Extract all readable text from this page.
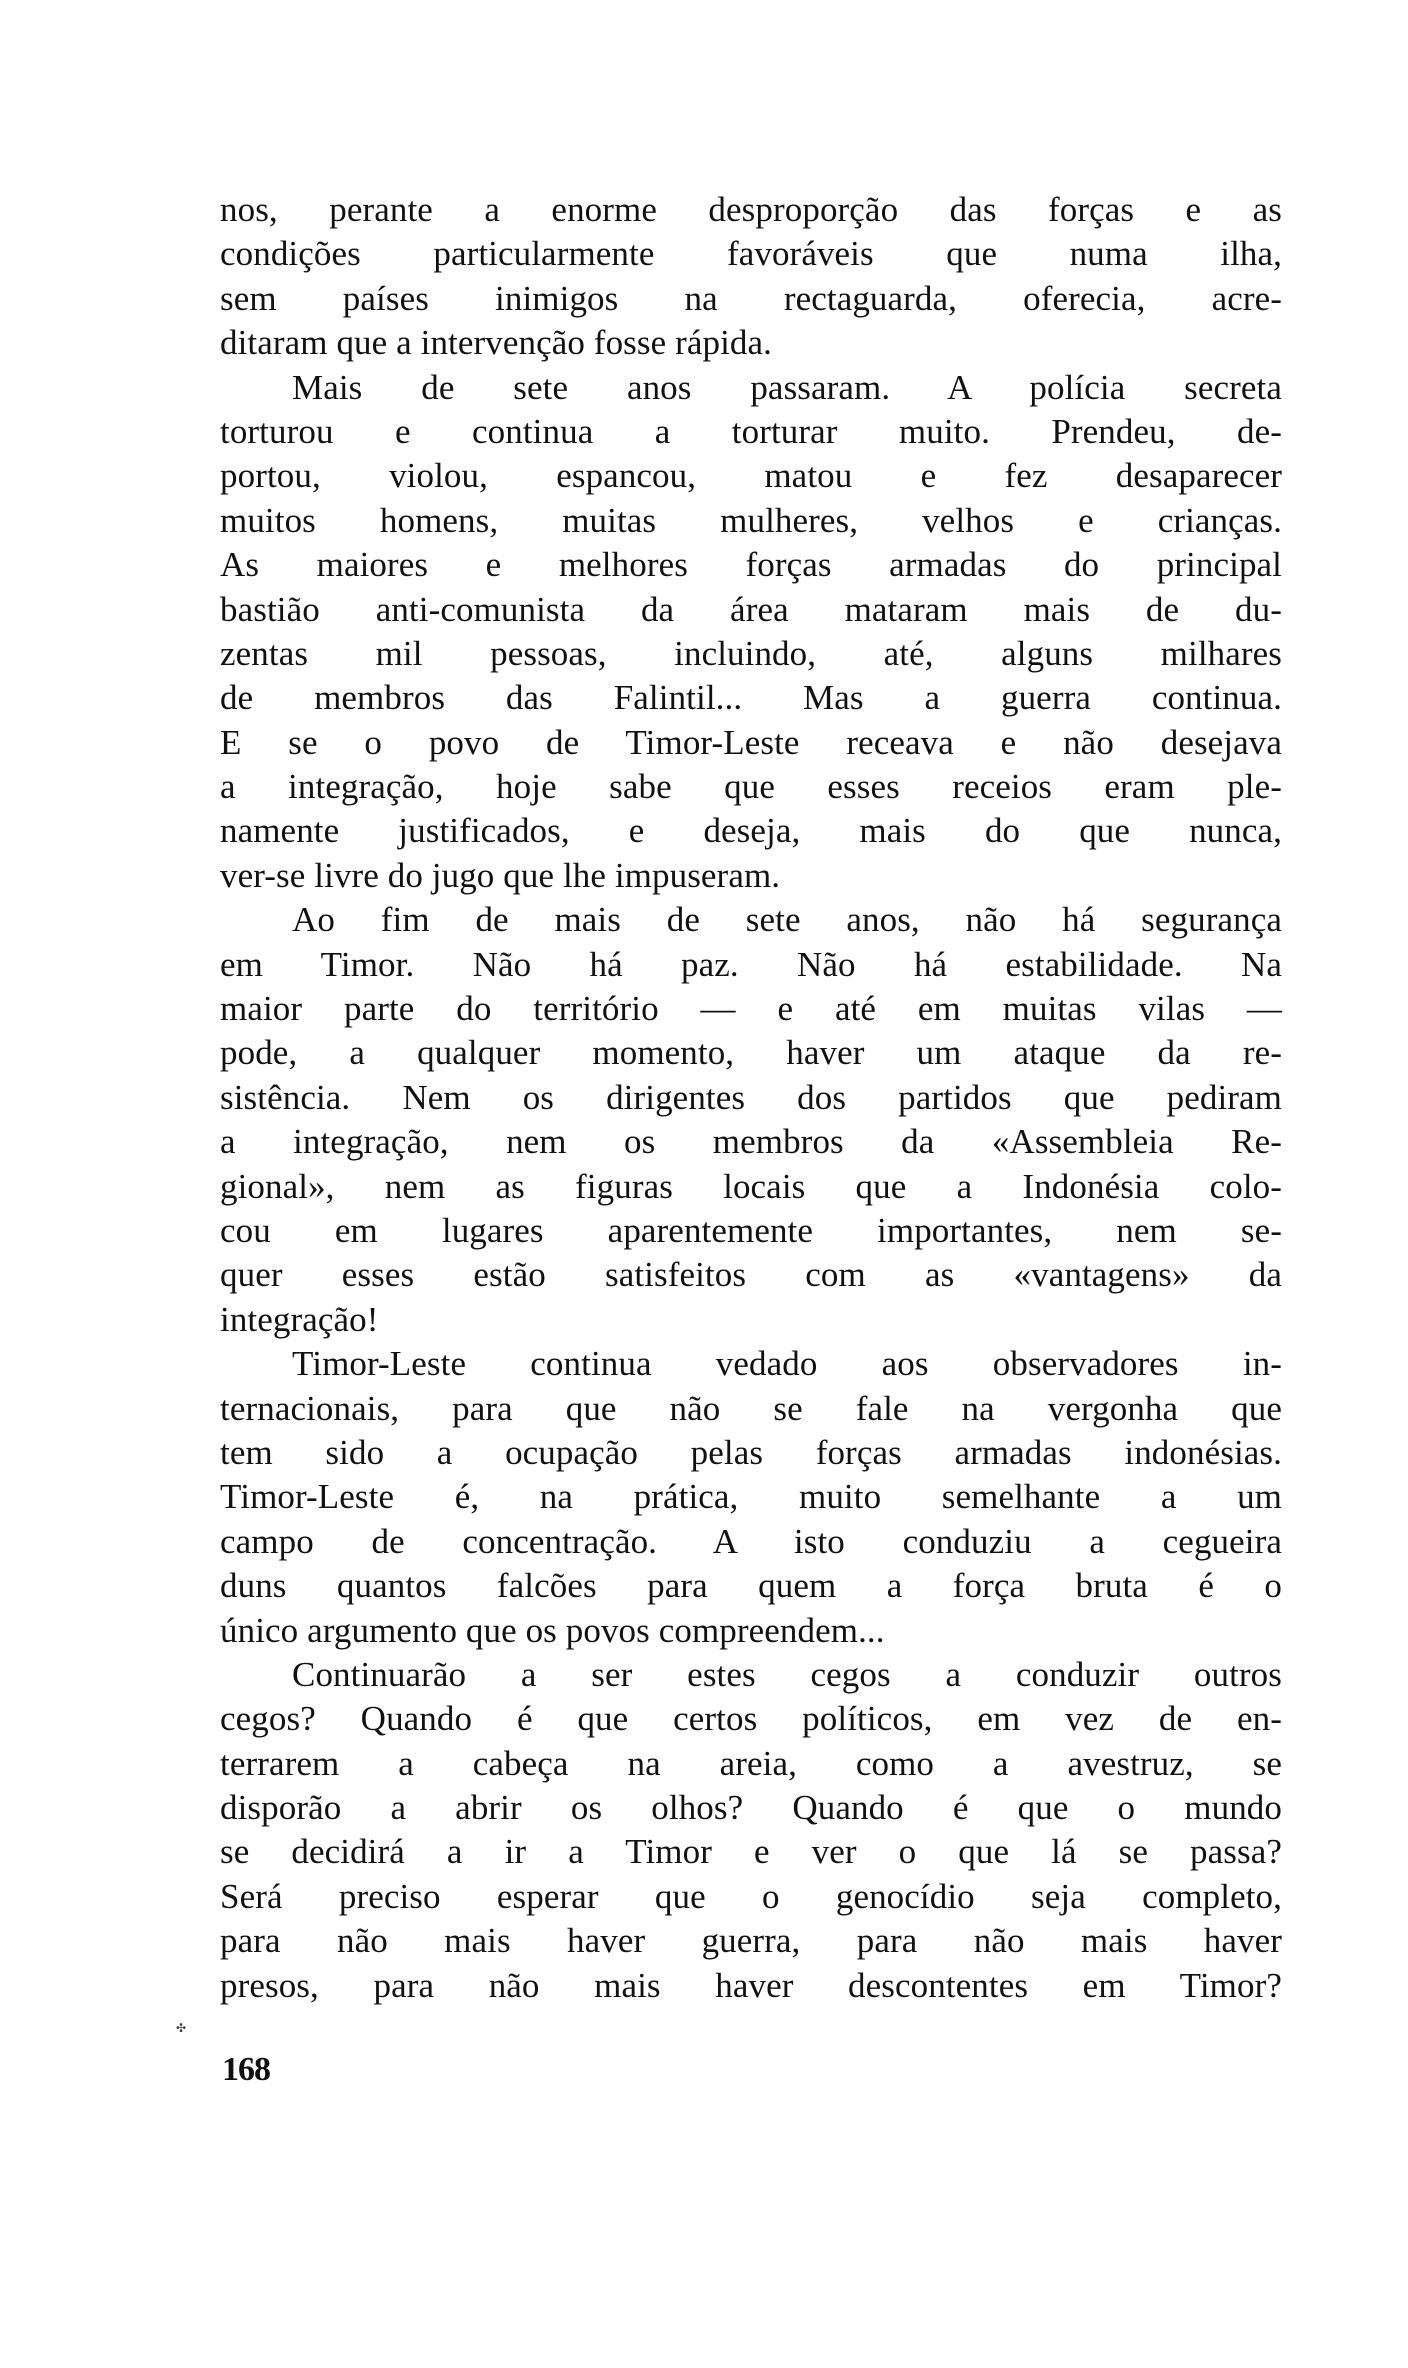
nos, perante a enorme desproporção das forças e as
condições particularmente favoráveis que numa ilha,
sem países inimigos na rectaguarda, oferecia, acre-
ditaram que a intervenção fosse rápida.
Mais de sete anos passaram. A polícia secreta
torturou e continua a torturar muito. Prendeu, de-
portou, violou, espancou, matou e fez desaparecer
muitos homens, muitas mulheres, velhos e crianças.
As maiores e melhores forças armadas do principal
bastião anti-comunista da área mataram mais de du-
zentas mil pessoas, incluindo, até, alguns milhares
de membros das Falintil... Mas a guerra continua.
E se o povo de Timor-Leste receava e não desejava
a integração, hoje sabe que esses receios eram ple-
namente justificados, e deseja, mais do que nunca,
ver-se livre do jugo que lhe impuseram.
Ao fim de mais de sete anos, não há segurança
em Timor. Não há paz. Não há estabilidade. Na
maior parte do território — e até em muitas vilas —
pode, a qualquer momento, haver um ataque da re-
sistência. Nem os dirigentes dos partidos que pediram
a integração, nem os membros da «Assembleia Re-
gional», nem as figuras locais que a Indonésia colo-
cou em lugares aparentemente importantes, nem se-
quer esses estão satisfeitos com as «vantagens» da
integração!
Timor-Leste continua vedado aos observadores in-
ternacionais, para que não se fale na vergonha que
tem sido a ocupação pelas forças armadas indonésias.
Timor-Leste é, na prática, muito semelhante a um
campo de concentração. A isto conduziu a cegueira
duns quantos falcões para quem a força bruta é o
único argumento que os povos compreendem...
Continuarão a ser estes cegos a conduzir outros
cegos? Quando é que certos políticos, em vez de en-
terrarem a cabeça na areia, como a avestruz, se
disporão a abrir os olhos? Quando é que o mundo
se decidirá a ir a Timor e ver o que lá se passa?
Será preciso esperar que o genocídio seja completo,
para não mais haver guerra, para não mais haver
presos, para não mais haver descontentes em Timor?
✣
168
